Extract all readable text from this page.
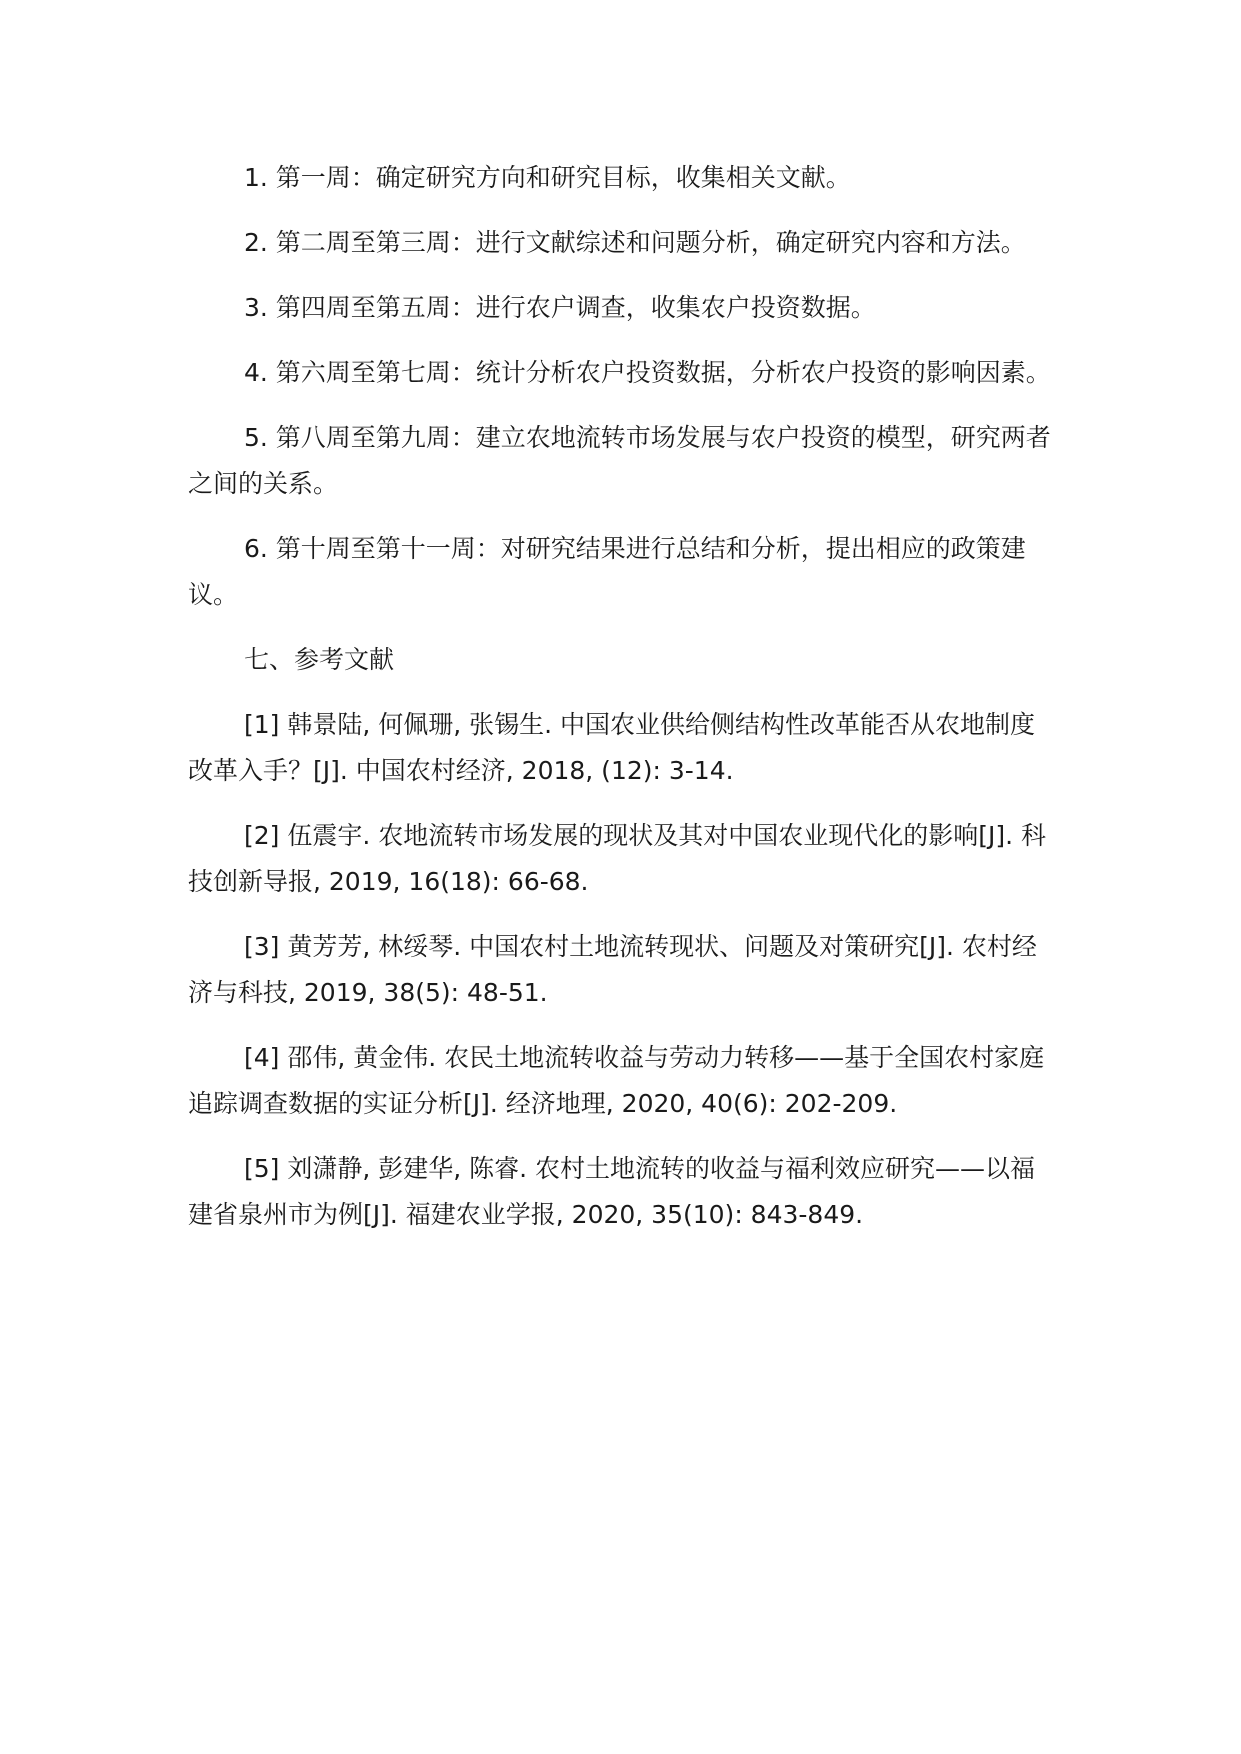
1. 第一周：确定研究方向和研究目标，收集相关文献。

2. 第二周至第三周：进行文献综述和问题分析，确定研究内容和方法。

3. 第四周至第五周：进行农户调查，收集农户投资数据。

4. 第六周至第七周：统计分析农户投资数据，分析农户投资的影响因素。

5. 第八周至第九周：建立农地流转市场发展与农户投资的模型，研究两者之间的关系。

6. 第十周至第十一周：对研究结果进行总结和分析，提出相应的政策建议。

七、参考文献

[1] 韩景陆, 何佩珊, 张锡生. 中国农业供给侧结构性改革能否从农地制度改革入手？[J]. 中国农村经济, 2018, (12): 3-14.

[2] 伍震宇. 农地流转市场发展的现状及其对中国农业现代化的影响[J]. 科技创新导报, 2019, 16(18): 66-68.

[3] 黄芳芳, 林绥琴. 中国农村土地流转现状、问题及对策研究[J]. 农村经济与科技, 2019, 38(5): 48-51.

[4] 邵伟, 黄金伟. 农民土地流转收益与劳动力转移——基于全国农村家庭追踪调查数据的实证分析[J]. 经济地理, 2020, 40(6): 202-209.

[5] 刘潇静, 彭建华, 陈睿. 农村土地流转的收益与福利效应研究——以福建省泉州市为例[J]. 福建农业学报, 2020, 35(10): 843-849.
